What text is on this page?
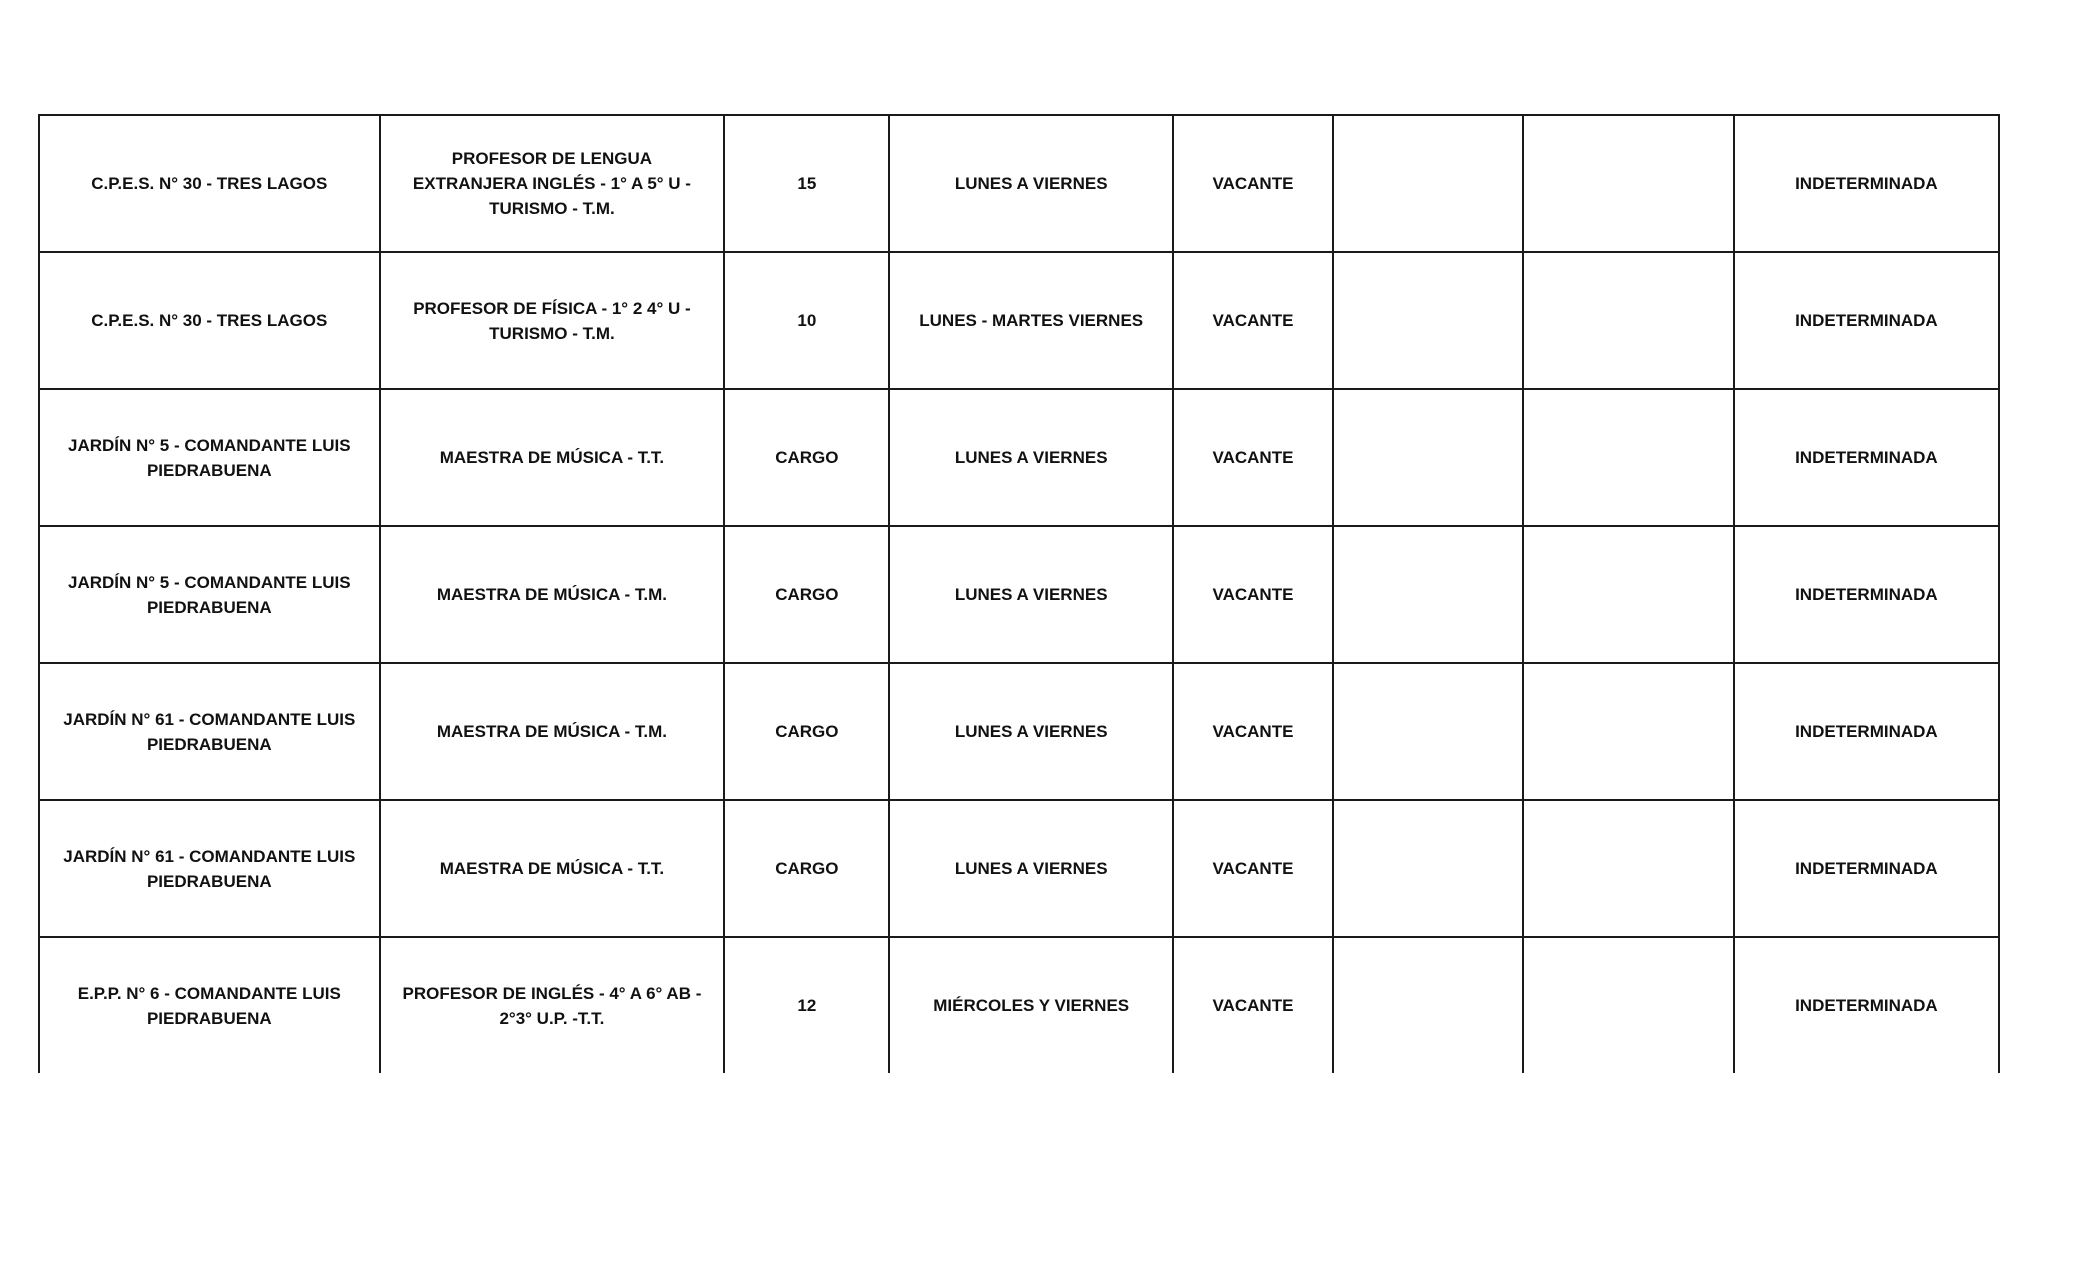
C.P.E.S. N° 30 - TRES LAGOS	PROFESOR DE LENGUA EXTRANJERA INGLÉS - 1° A 5° U - TURISMO - T.M.	15	LUNES A VIERNES	VACANTE			INDETERMINADA
C.P.E.S. N° 30 - TRES LAGOS	PROFESOR DE FÍSICA - 1° 2 4° U - TURISMO - T.M.	10	LUNES - MARTES VIERNES	VACANTE			INDETERMINADA
JARDÍN N° 5 - COMANDANTE LUIS PIEDRABUENA	MAESTRA DE MÚSICA - T.T.	CARGO	LUNES A VIERNES	VACANTE			INDETERMINADA
JARDÍN N° 5 - COMANDANTE LUIS PIEDRABUENA	MAESTRA DE MÚSICA - T.M.	CARGO	LUNES A VIERNES	VACANTE			INDETERMINADA
JARDÍN N° 61 - COMANDANTE LUIS PIEDRABUENA	MAESTRA DE MÚSICA - T.M.	CARGO	LUNES A VIERNES	VACANTE			INDETERMINADA
JARDÍN N° 61 - COMANDANTE LUIS PIEDRABUENA	MAESTRA DE MÚSICA - T.T.	CARGO	LUNES A VIERNES	VACANTE			INDETERMINADA
E.P.P. N° 6 - COMANDANTE LUIS PIEDRABUENA	PROFESOR DE INGLÉS - 4° A 6° AB - 2°3° U.P. -T.T.	12	MIÉRCOLES Y VIERNES	VACANTE			INDETERMINADA
